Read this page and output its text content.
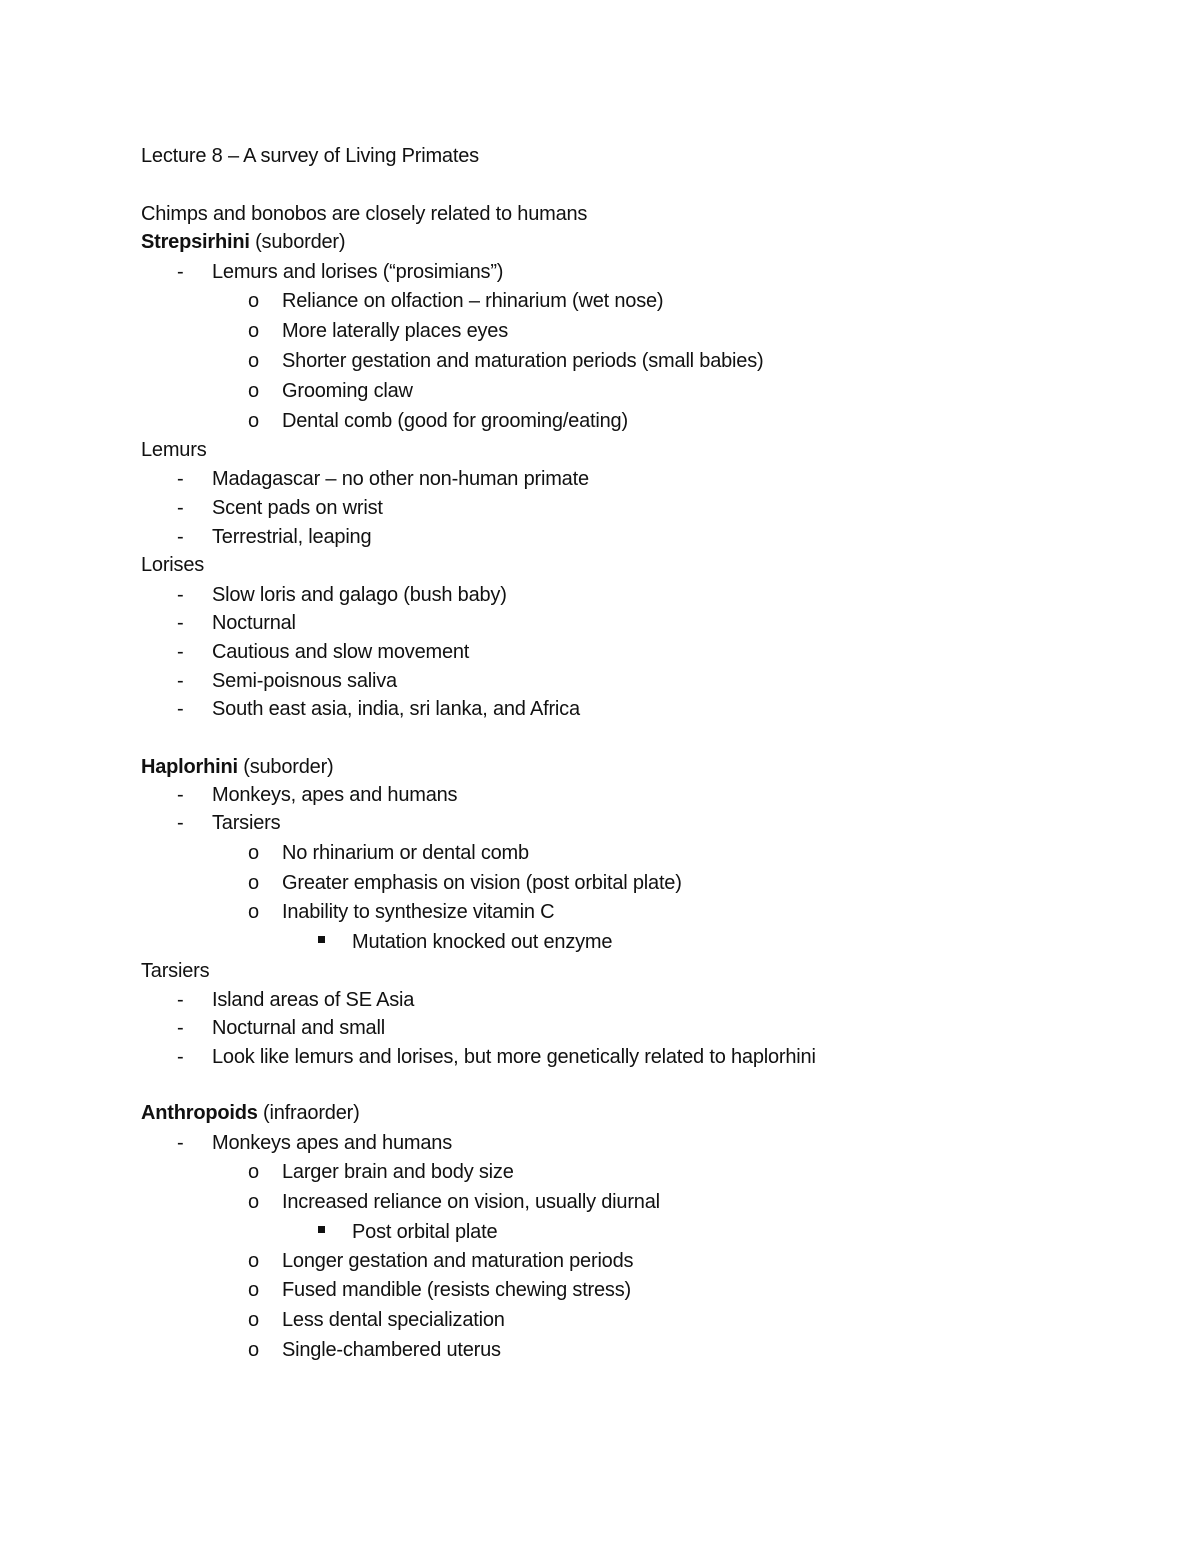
Lecture 8 – A survey of Living Primates
Chimps and bonobos are closely related to humans
Strepsirhini (suborder)
- Lemurs and lorises (“prosimians”)
o Reliance on olfaction – rhinarium (wet nose)
o More laterally places eyes
o Shorter gestation and maturation periods (small babies)
o Grooming claw
o Dental comb (good for grooming/eating)
Lemurs
- Madagascar – no other non-human primate
- Scent pads on wrist
- Terrestrial, leaping
Lorises
- Slow loris and galago (bush baby)
- Nocturnal
- Cautious and slow movement
- Semi-poisnous saliva
- South east asia, india, sri lanka, and Africa
Haplorhini (suborder)
- Monkeys, apes and humans
- Tarsiers
o No rhinarium or dental comb
o Greater emphasis on vision (post orbital plate)
o Inability to synthesize vitamin C
Mutation knocked out enzyme
Tarsiers
- Island areas of SE Asia
- Nocturnal and small
- Look like lemurs and lorises, but more genetically related to haplorhini
Anthropoids (infraorder)
- Monkeys apes and humans
o Larger brain and body size
o Increased reliance on vision, usually diurnal
Post orbital plate
o Longer gestation and maturation periods
o Fused mandible (resists chewing stress)
o Less dental specialization
o Single-chambered uterus
